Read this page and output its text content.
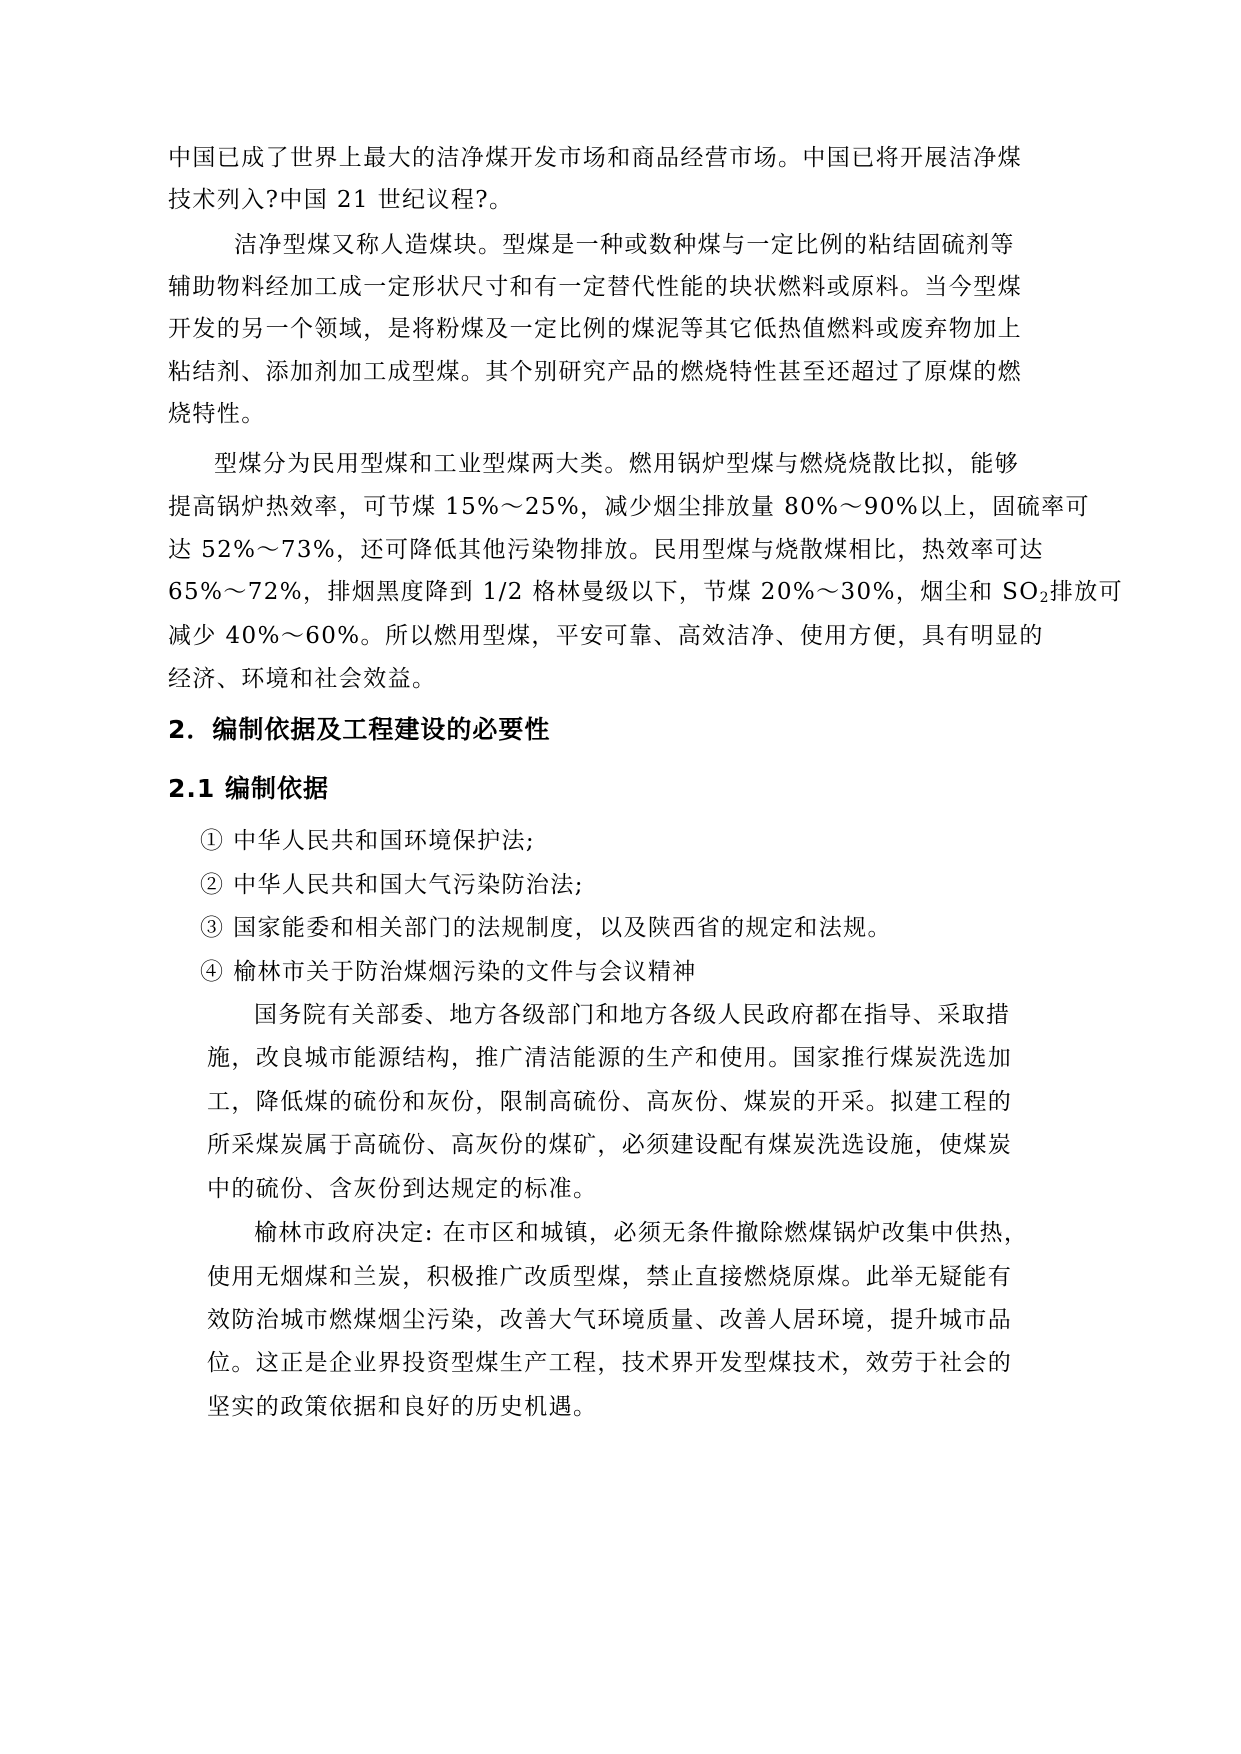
中国已成了世界上最大的洁净煤开发市场和商品经营市场。中国已将开展洁净煤
技术列入?中国 21 世纪议程?。
洁净型煤又称人造煤块。型煤是一种或数种煤与一定比例的粘结固硫剂等
辅助物料经加工成一定形状尺寸和有一定替代性能的块状燃料或原料。当今型煤
开发的另一个领域，是将粉煤及一定比例的煤泥等其它低热值燃料或废弃物加上
粘结剂、添加剂加工成型煤。其个别研究产品的燃烧特性甚至还超过了原煤的燃
烧特性。
型煤分为民用型煤和工业型煤两大类。燃用锅炉型煤与燃烧烧散比拟，能够
提高锅炉热效率，可节煤 15%～25%，减少烟尘排放量 80%～90%以上，固硫率可
达 52%～73%，还可降低其他污染物排放。民用型煤与烧散煤相比，热效率可达
65%～72%，排烟黑度降到 1/2 格林曼级以下，节煤 20%～30%，烟尘和 $SO_2$排放可
减少 40%～60%。所以燃用型煤，平安可靠、高效洁净、使用方便，具有明显的
经济、环境和社会效益。
2．编制依据及工程建设的必要性
2.1 编制依据
① 中华人民共和国环境保护法;
② 中华人民共和国大气污染防治法;
③ 国家能委和相关部门的法规制度，以及陕西省的规定和法规。
④ 榆林市关于防治煤烟污染的文件与会议精神
国务院有关部委、地方各级部门和地方各级人民政府都在指导、采取措
施，改良城市能源结构，推广清洁能源的生产和使用。国家推行煤炭洗选加
工，降低煤的硫份和灰份，限制高硫份、高灰份、煤炭的开采。拟建工程的
所采煤炭属于高硫份、高灰份的煤矿，必须建设配有煤炭洗选设施，使煤炭
中的硫份、含灰份到达规定的标准。
榆林市政府决定: 在市区和城镇，必须无条件撤除燃煤锅炉改集中供热，
使用无烟煤和兰炭，积极推广改质型煤，禁止直接燃烧原煤。此举无疑能有
效防治城市燃煤烟尘污染，改善大气环境质量、改善人居环境，提升城市品
位。这正是企业界投资型煤生产工程，技术界开发型煤技术，效劳于社会的
坚实的政策依据和良好的历史机遇。
